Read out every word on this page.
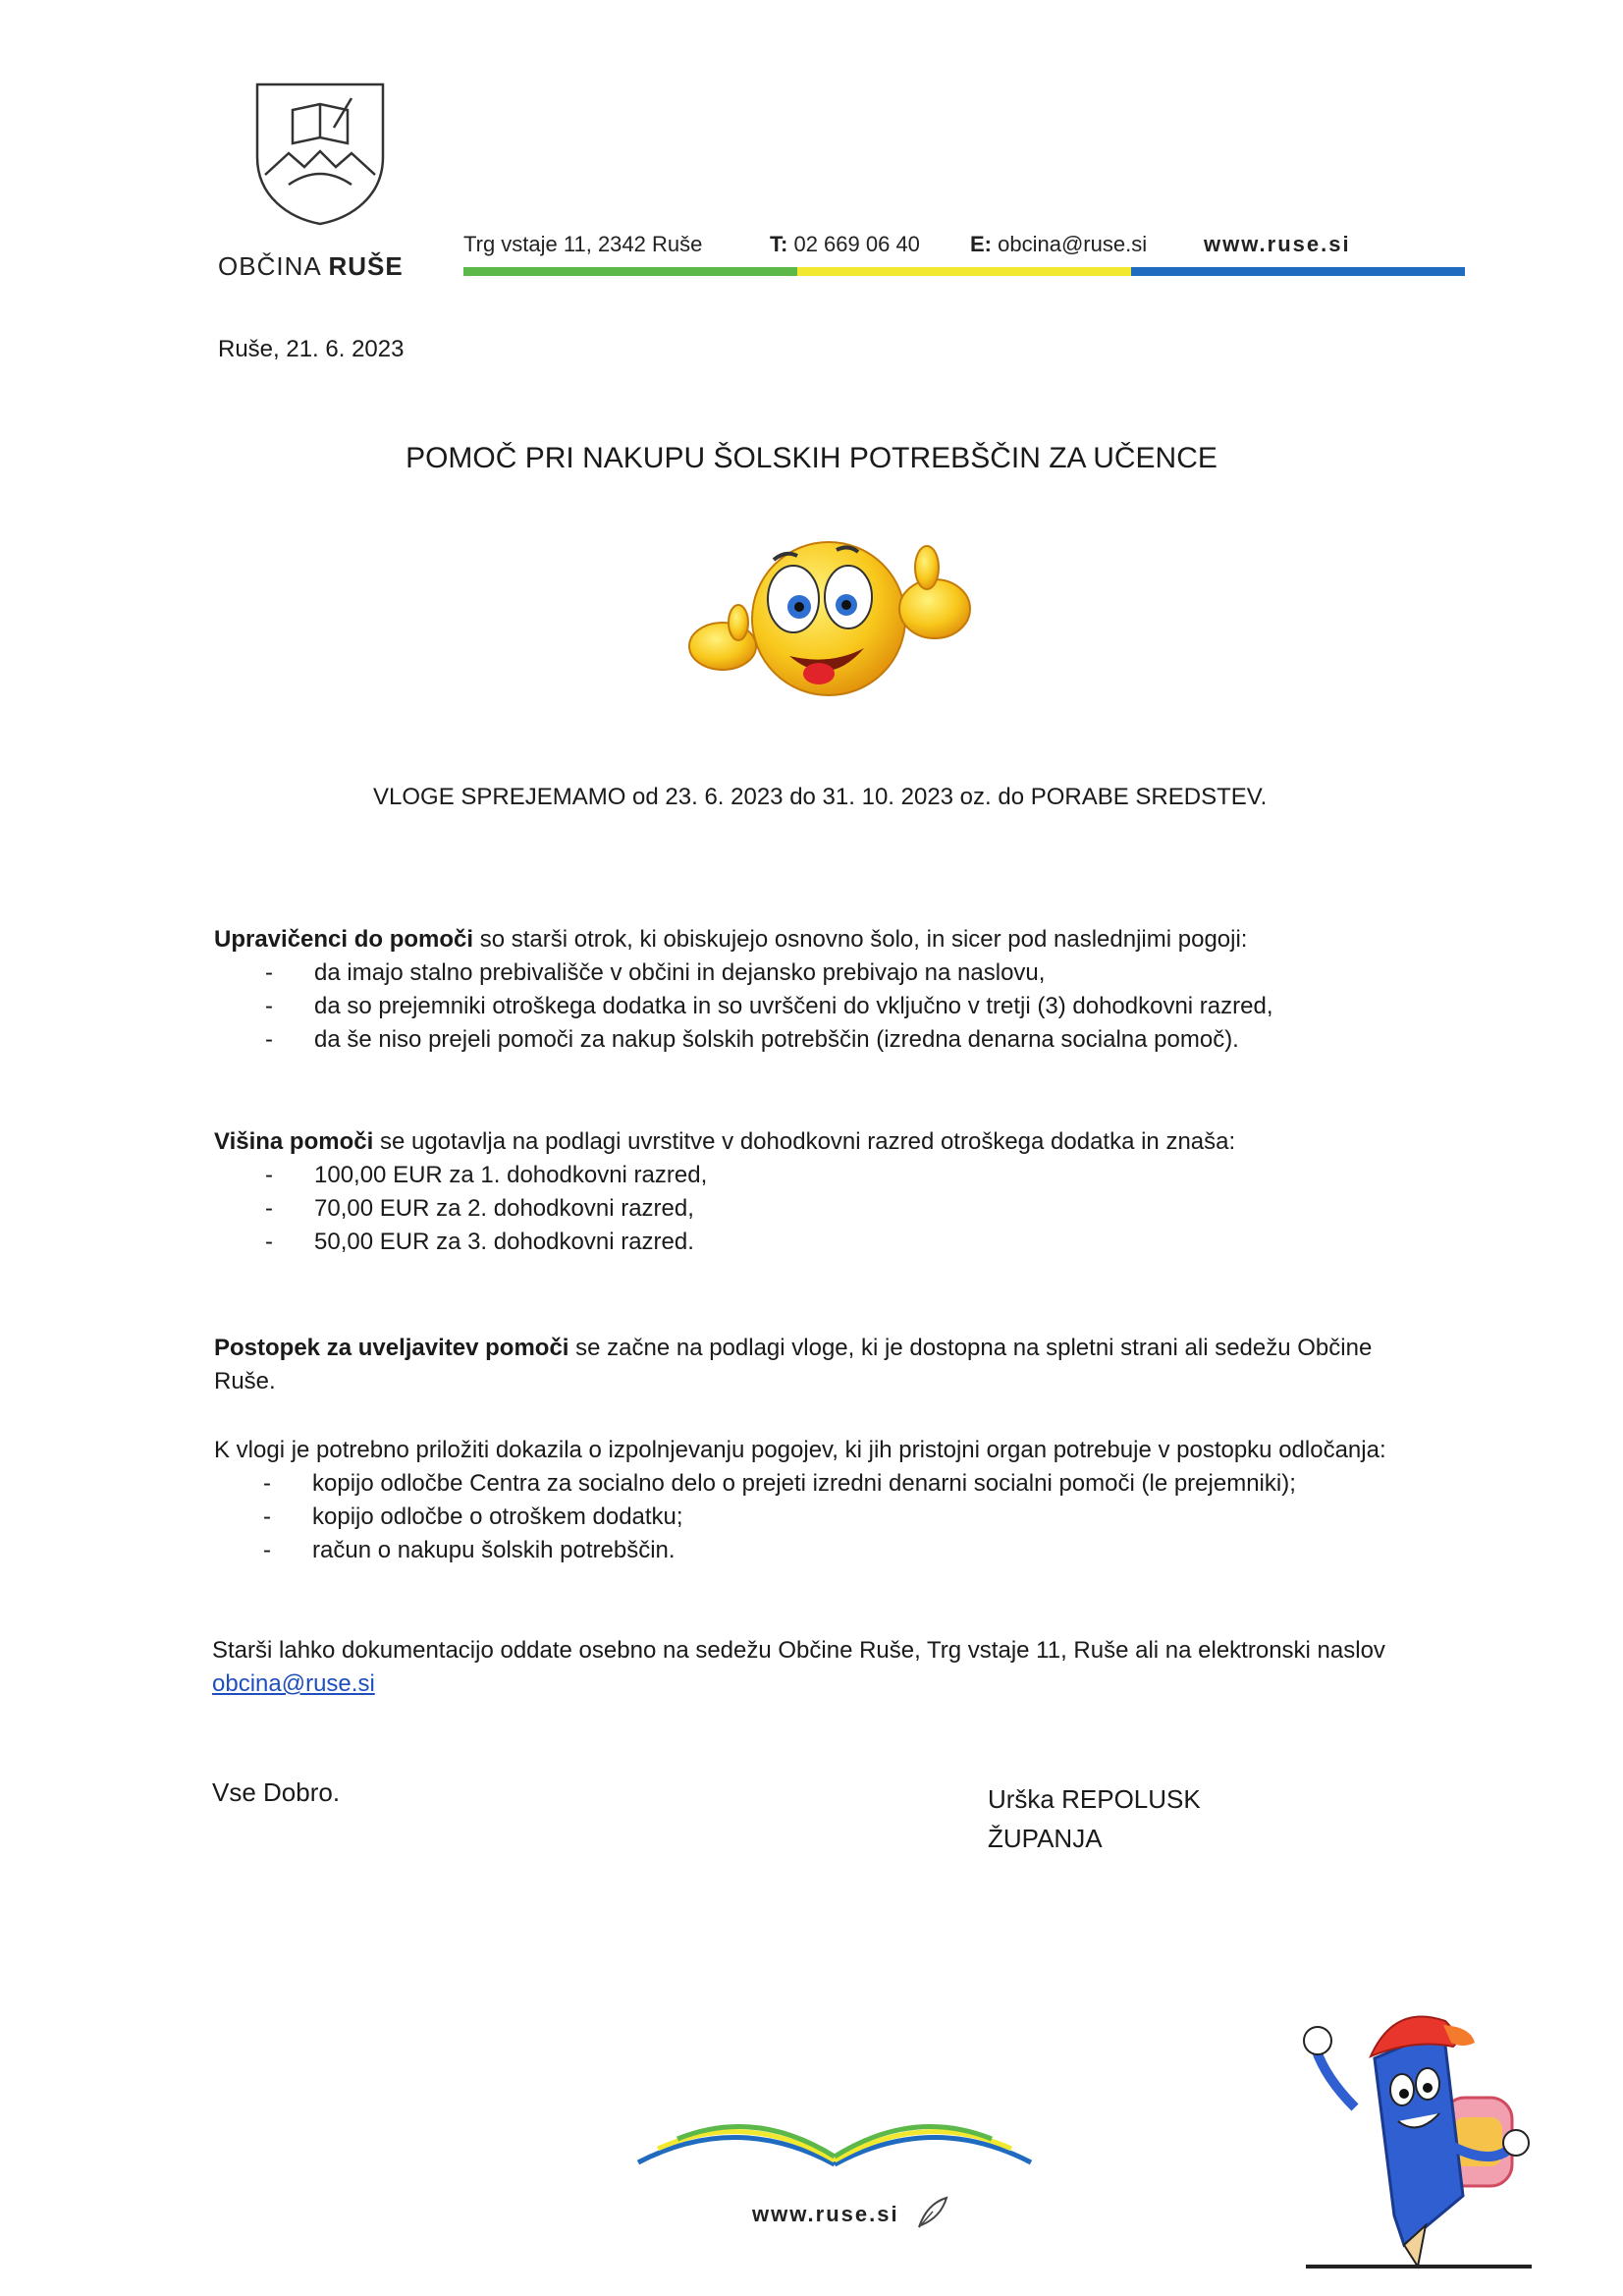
OBČINA RUŠE
Trg vstaje 11, 2342 Ruše	T: 02 669 06 40 E: obcina@ruse.si	www.ruse.si
Ruše, 21. 6. 2023
POMOČ PRI NAKUPU ŠOLSKIH POTREBŠČIN ZA UČENCE
VLOGE SPREJEMAMO od 23. 6. 2023 do 31. 10. 2023 oz. do PORABE SREDSTEV.
Upravičenci do pomoči so starši otrok, ki obiskujejo osnovno šolo, in sicer pod naslednjimi pogoji:
- da imajo stalno prebivališče v občini in dejansko prebivajo na naslovu,
- da so prejemniki otroškega dodatka in so uvrščeni do vključno v tretji (3) dohodkovni razred,
- da še niso prejeli pomoči za nakup šolskih potrebščin (izredna denarna socialna pomoč).
Višina pomoči se ugotavlja na podlagi uvrstitve v dohodkovni razred otroškega dodatka in znaša:
- 100,00 EUR za 1. dohodkovni razred,
- 70,00 EUR za 2. dohodkovni razred,
- 50,00 EUR za 3. dohodkovni razred.
Postopek za uveljavitev pomoči se začne na podlagi vloge, ki je dostopna na spletni strani ali sedežu Občine
Ruše.
K vlogi je potrebno priložiti dokazila o izpolnjevanju pogojev, ki jih pristojni organ potrebuje v postopku odločanja:
- kopijo odločbe Centra za socialno delo o prejeti izredni denarni socialni pomoči (le prejemniki);
- kopijo odločbe o otroškem dodatku;
- račun o nakupu šolskih potrebščin.
Starši lahko dokumentacijo oddate osebno na sedežu Občine Ruše, Trg vstaje 11, Ruše ali na elektronski naslov
obcina@ruse.si
Vse Dobro.	Urška REPOLUSK
ŽUPANJA
www.ruse.si
